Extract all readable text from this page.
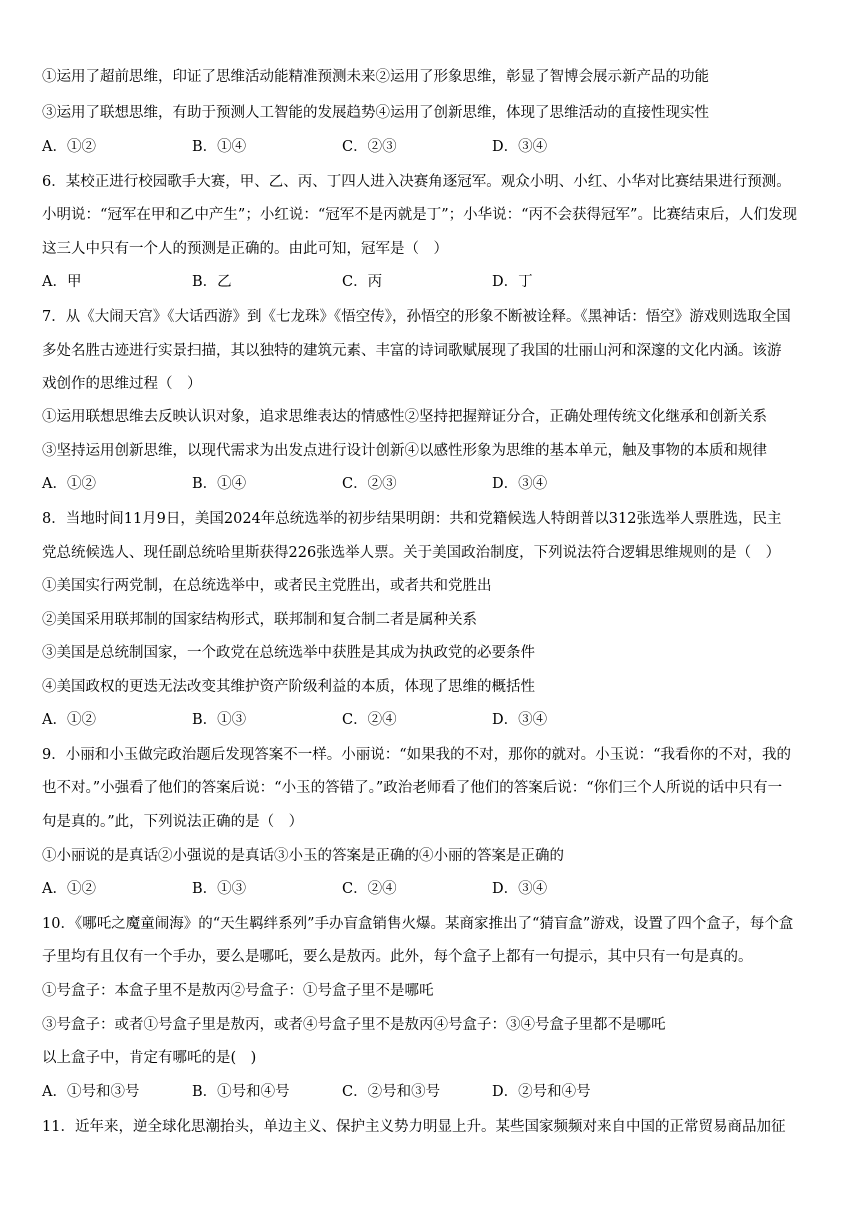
①运用了超前思维，印证了思维活动能精准预测未来②运用了形象思维，彰显了智博会展示新产品的功能
③运用了联想思维，有助于预测人工智能的发展趋势④运用了创新思维，体现了思维活动的直接性现实性
A．①②	B．①④	C．②③	D．③④
6．某校正进行校园歌手大赛，甲、乙、丙、丁四人进入决赛角逐冠军。观众小明、小红、小华对比赛结果进行预测。
小明说：“冠军在甲和乙中产生”；小红说：“冠军不是丙就是丁”；小华说：“丙不会获得冠军”。比赛结束后，人们发现
这三人中只有一个人的预测是正确的。由此可知，冠军是（　）
A．甲	B．乙	C．丙	D．丁
7．从《大闹天宫》《大话西游》到《七龙珠》《悟空传》，孙悟空的形象不断被诠释。《黑神话：悟空》游戏则选取全国
多处名胜古迹进行实景扫描，其以独特的建筑元素、丰富的诗词歌赋展现了我国的壮丽山河和深邃的文化内涵。该游
戏创作的思维过程（　）
①运用联想思维去反映认识对象，追求思维表达的情感性②坚持把握辩证分合，正确处理传统文化继承和创新关系
③坚持运用创新思维，以现代需求为出发点进行设计创新④以感性形象为思维的基本单元，触及事物的本质和规律
A．①②	B．①④	C．②③	D．③④
8．当地时间11月9日，美国2024年总统选举的初步结果明朗：共和党籍候选人特朗普以312张选举人票胜选，民主
党总统候选人、现任副总统哈里斯获得226张选举人票。关于美国政治制度，下列说法符合逻辑思维规则的是（　）
①美国实行两党制，在总统选举中，或者民主党胜出，或者共和党胜出
②美国采用联邦制的国家结构形式，联邦制和复合制二者是属种关系
③美国是总统制国家，一个政党在总统选举中获胜是其成为执政党的必要条件
④美国政权的更迭无法改变其维护资产阶级利益的本质，体现了思维的概括性
A．①②	B．①③	C．②④	D．③④
9．小丽和小玉做完政治题后发现答案不一样。小丽说：“如果我的不对，那你的就对。小玉说：“我看你的不对，我的
也不对。”小强看了他们的答案后说：“小玉的答错了。”政治老师看了他们的答案后说：“你们三个人所说的话中只有一
句是真的。”此，下列说法正确的是（　）
①小丽说的是真话②小强说的是真话③小玉的答案是正确的④小丽的答案是正确的
A．①②	B．①③	C．②④	D．③④
10．《哪吒之魔童闹海》的“天生羁绊系列”手办盲盒销售火爆。某商家推出了“猜盲盒”游戏，设置了四个盒子，每个盒
子里均有且仅有一个手办，要么是哪吒，要么是敖丙。此外，每个盒子上都有一句提示，其中只有一句是真的。
①号盒子：本盒子里不是敖丙②号盒子：①号盒子里不是哪吒
③号盒子：或者①号盒子里是敖丙，或者④号盒子里不是敖丙④号盒子：③④号盒子里都不是哪吒
以上盒子中，肯定有哪吒的是(　)
A．①号和③号	B．①号和④号	C．②号和③号	D．②号和④号
11．近年来，逆全球化思潮抬头，单边主义、保护主义势力明显上升。某些国家频频对来自中国的正常贸易商品加征
